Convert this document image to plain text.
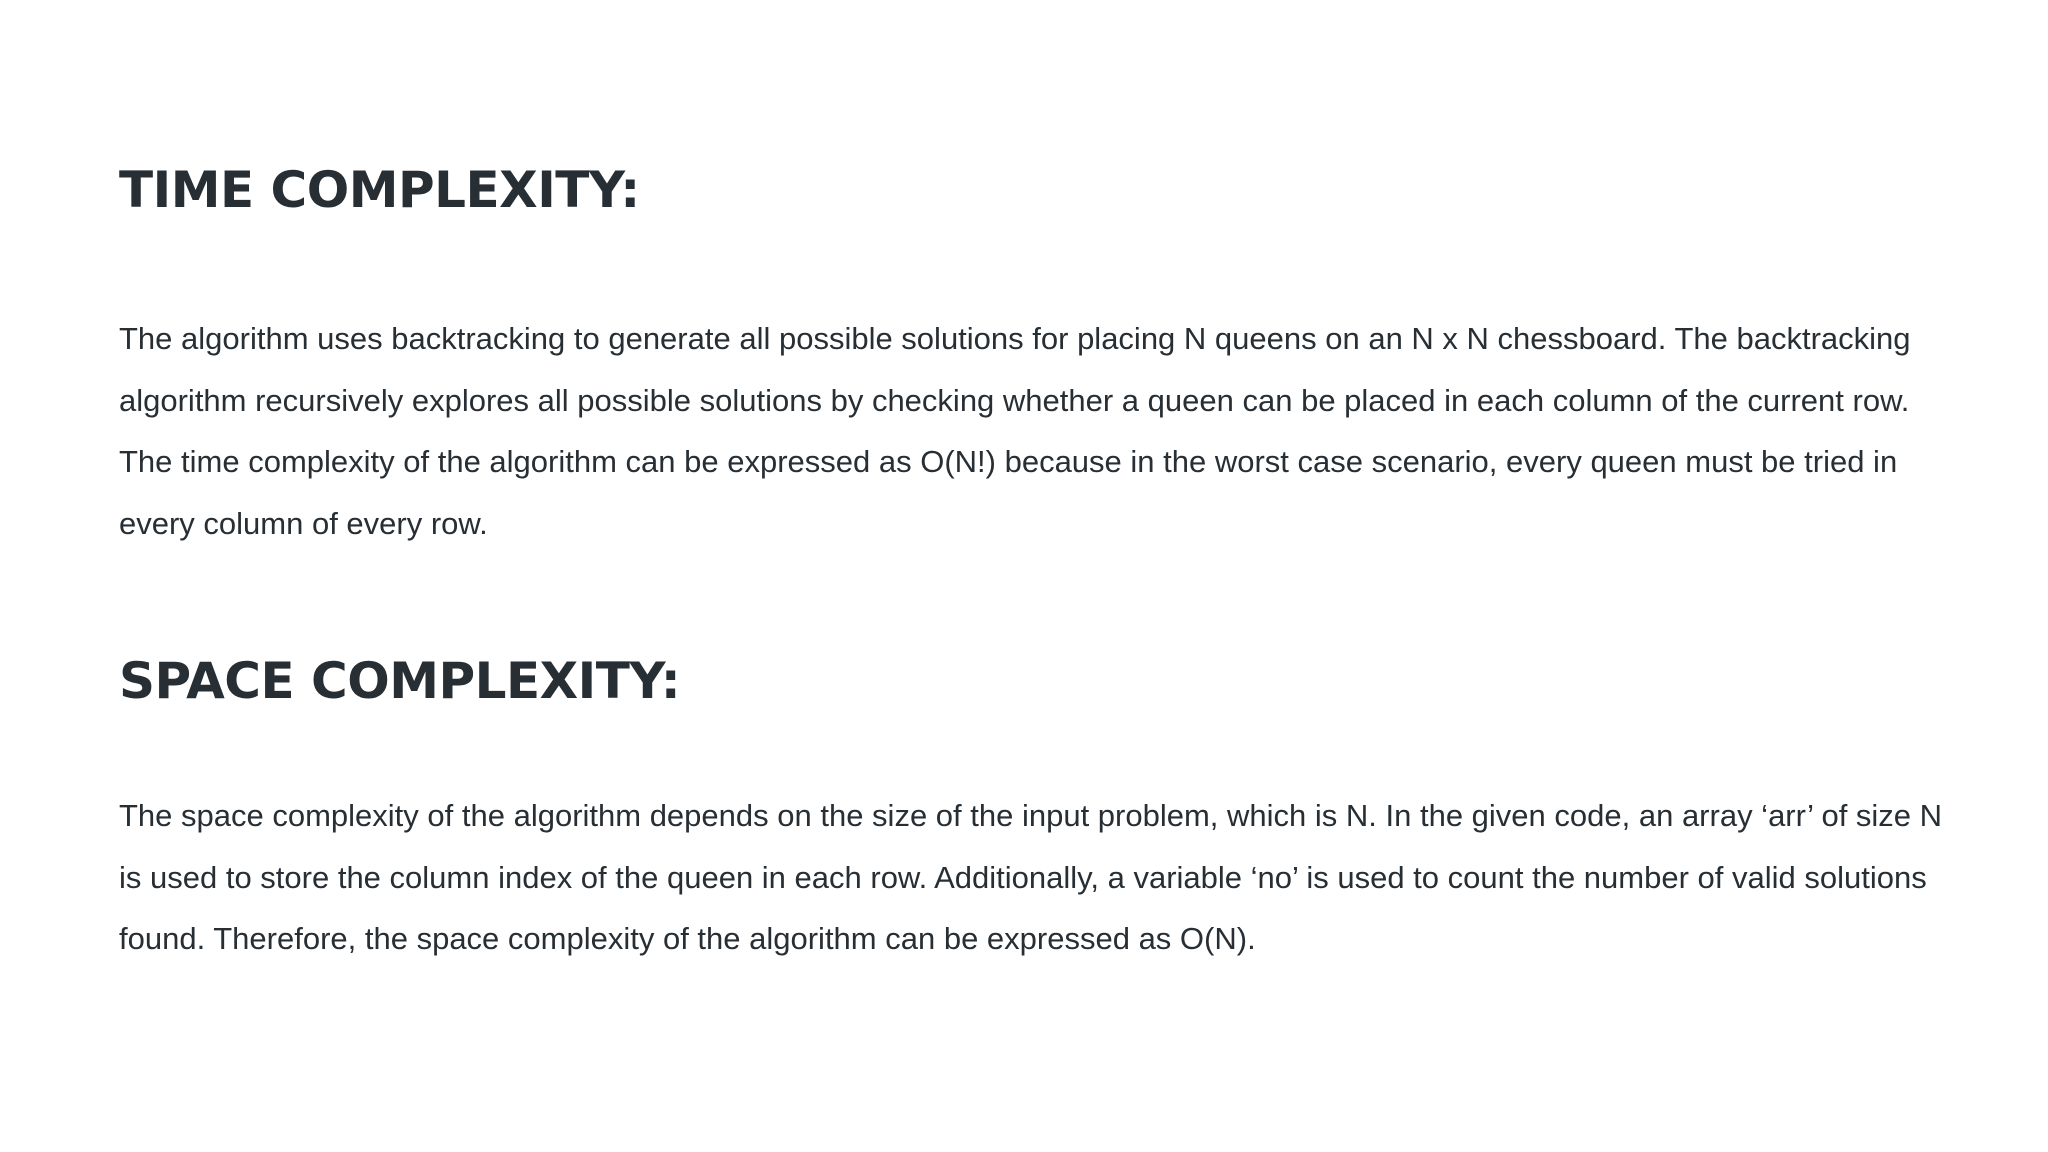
TIME COMPLEXITY:

The algorithm uses backtracking to generate all possible solutions for placing N queens on an N x N chessboard. The backtracking algorithm recursively explores all possible solutions by checking whether a queen can be placed in each column of the current row. The time complexity of the algorithm can be expressed as O(N!) because in the worst case scenario, every queen must be tried in every column of every row.

SPACE COMPLEXITY:

The space complexity of the algorithm depends on the size of the input problem, which is N. In the given code, an array ‘arr’ of size N is used to store the column index of the queen in each row. Additionally, a variable ‘no’ is used to count the number of valid solutions found. Therefore, the space complexity of the algorithm can be expressed as O(N).
